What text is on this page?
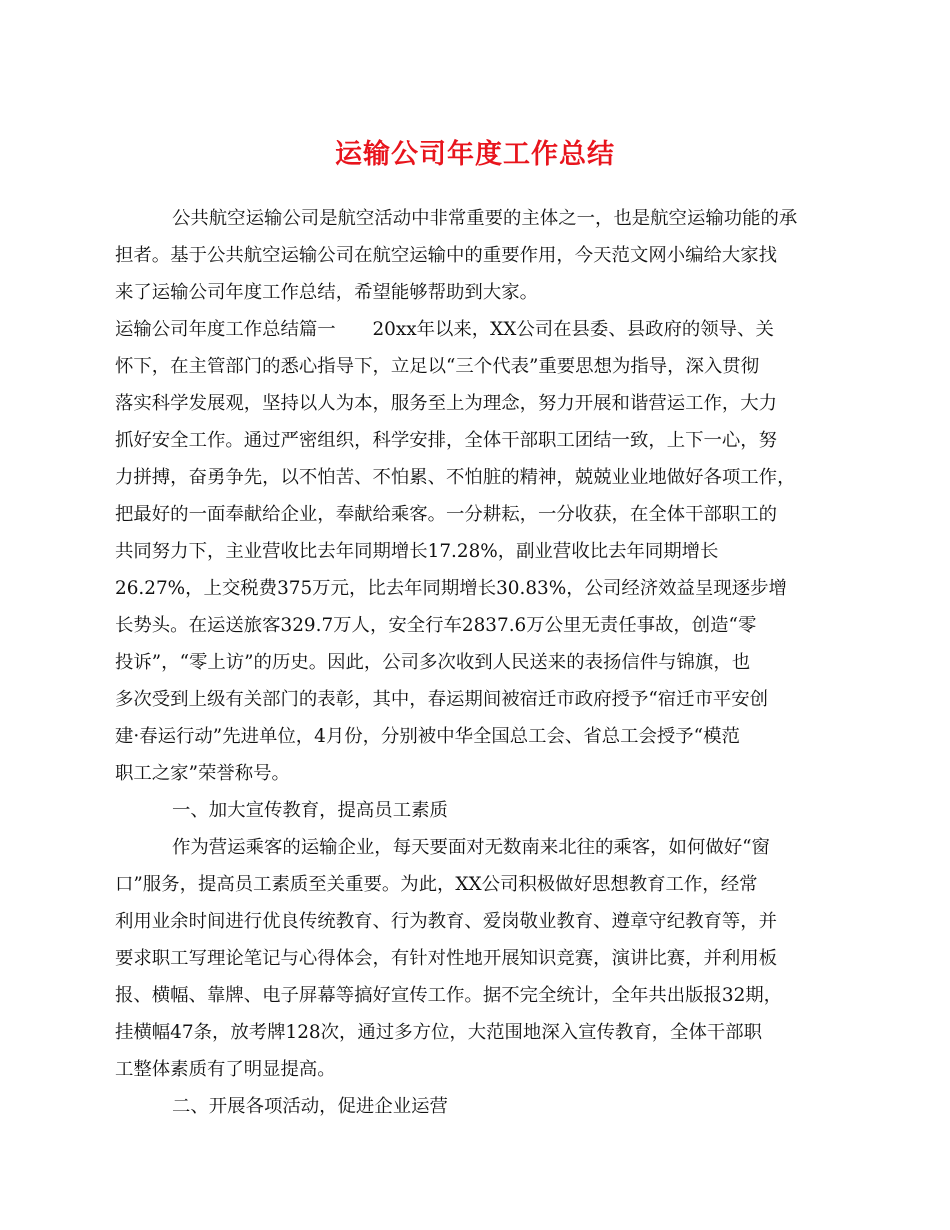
运输公司年度工作总结
公共航空运输公司是航空活动中非常重要的主体之一，也是航空运输功能的承
担者。基于公共航空运输公司在航空运输中的重要作用，今天范文网小编给大家找
来了运输公司年度工作总结，希望能够帮助到大家。
运输公司年度工作总结篇一　　20xx年以来，XX公司在县委、县政府的领导、关
怀下，在主管部门的悉心指导下，立足以“三个代表”重要思想为指导，深入贯彻
落实科学发展观，坚持以人为本，服务至上为理念，努力开展和谐营运工作，大力
抓好安全工作。通过严密组织，科学安排，全体干部职工团结一致，上下一心，努
力拼搏，奋勇争先，以不怕苦、不怕累、不怕脏的精神，兢兢业业地做好各项工作，
把最好的一面奉献给企业，奉献给乘客。一分耕耘，一分收获，在全体干部职工的
共同努力下，主业营收比去年同期增长17.28%，副业营收比去年同期增长
26.27%，上交税费375万元，比去年同期增长30.83%，公司经济效益呈现逐步增
长势头。在运送旅客329.7万人，安全行车2837.6万公里无责任事故，创造“零
投诉”，“零上访”的历史。因此，公司多次收到人民送来的表扬信件与锦旗，也
多次受到上级有关部门的表彰，其中，春运期间被宿迁市政府授予“宿迁市平安创
建·春运行动”先进单位，4月份，分别被中华全国总工会、省总工会授予“模范
职工之家”荣誉称号。
一、加大宣传教育，提高员工素质
作为营运乘客的运输企业，每天要面对无数南来北往的乘客，如何做好“窗
口”服务，提高员工素质至关重要。为此，XX公司积极做好思想教育工作，经常
利用业余时间进行优良传统教育、行为教育、爱岗敬业教育、遵章守纪教育等，并
要求职工写理论笔记与心得体会，有针对性地开展知识竞赛，演讲比赛，并利用板
报、横幅、靠牌、电子屏幕等搞好宣传工作。据不完全统计，全年共出版报32期，
挂横幅47条，放考牌128次，通过多方位，大范围地深入宣传教育，全体干部职
工整体素质有了明显提高。
二、开展各项活动，促进企业运营
